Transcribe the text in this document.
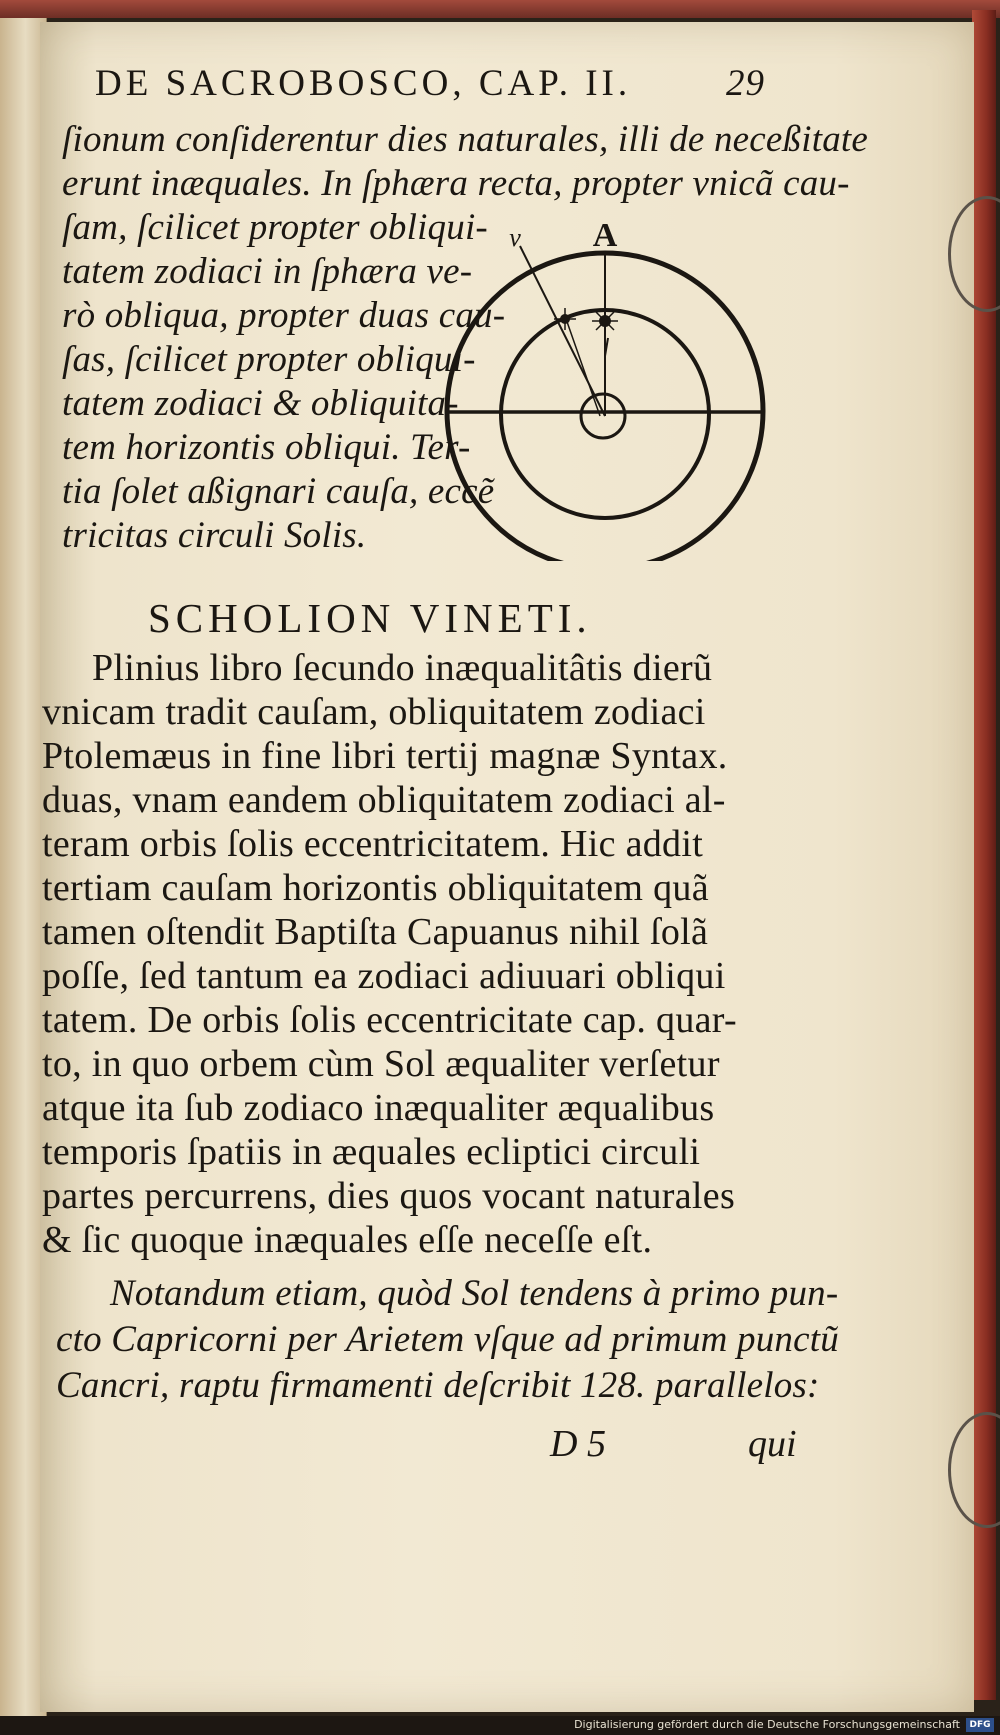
DE SACROBOSCO, CAP. II.	29
ſionum conſiderentur dies naturales, illi de neceßitate
erunt inæquales. In ſphæra recta, propter vnicã cau-
ſam, ſcilicet propter obliqui-
tatem zodiaci in ſphæra ve-
rò obliqua, propter duas cau-
ſas, ſcilicet propter obliqui-
tatem zodiaci & obliquita-
tem horizontis obliqui. Ter-
tia ſolet aßignari cauſa, eccẽ
tricitas circuli Solis.
A
v
SCHOLION VINETI.
Plinius libro ſecundo inæqualitâtis dierũ
vnicam tradit cauſam, obliquitatem zodiaci
Ptolemæus in fine libri tertij magnæ Syntax.
duas, vnam eandem obliquitatem zodiaci al-
teram orbis ſolis eccentricitatem. Hic addit
tertiam cauſam horizontis obliquitatem quã
tamen oſtendit Baptiſta Capuanus nihil ſolã
poſſe, ſed tantum ea zodiaci adiuuari obliqui
tatem. De orbis ſolis eccentricitate cap. quar-
to, in quo orbem cùm Sol æqualiter verſetur
atque ita ſub zodiaco inæqualiter æqualibus
temporis ſpatiis in æquales ecliptici circuli
partes percurrens, dies quos vocant naturales
& ſic quoque inæquales eſſe neceſſe eſt.
Notandum etiam, quòd Sol tendens à primo pun-
cto Capricorni per Arietem vſque ad primum punctũ
Cancri, raptu firmamenti deſcribit 128. parallelos:
D 5	qui
Digitalisierung gefördert durch die Deutsche Forschungsgemeinschaft	DFG
